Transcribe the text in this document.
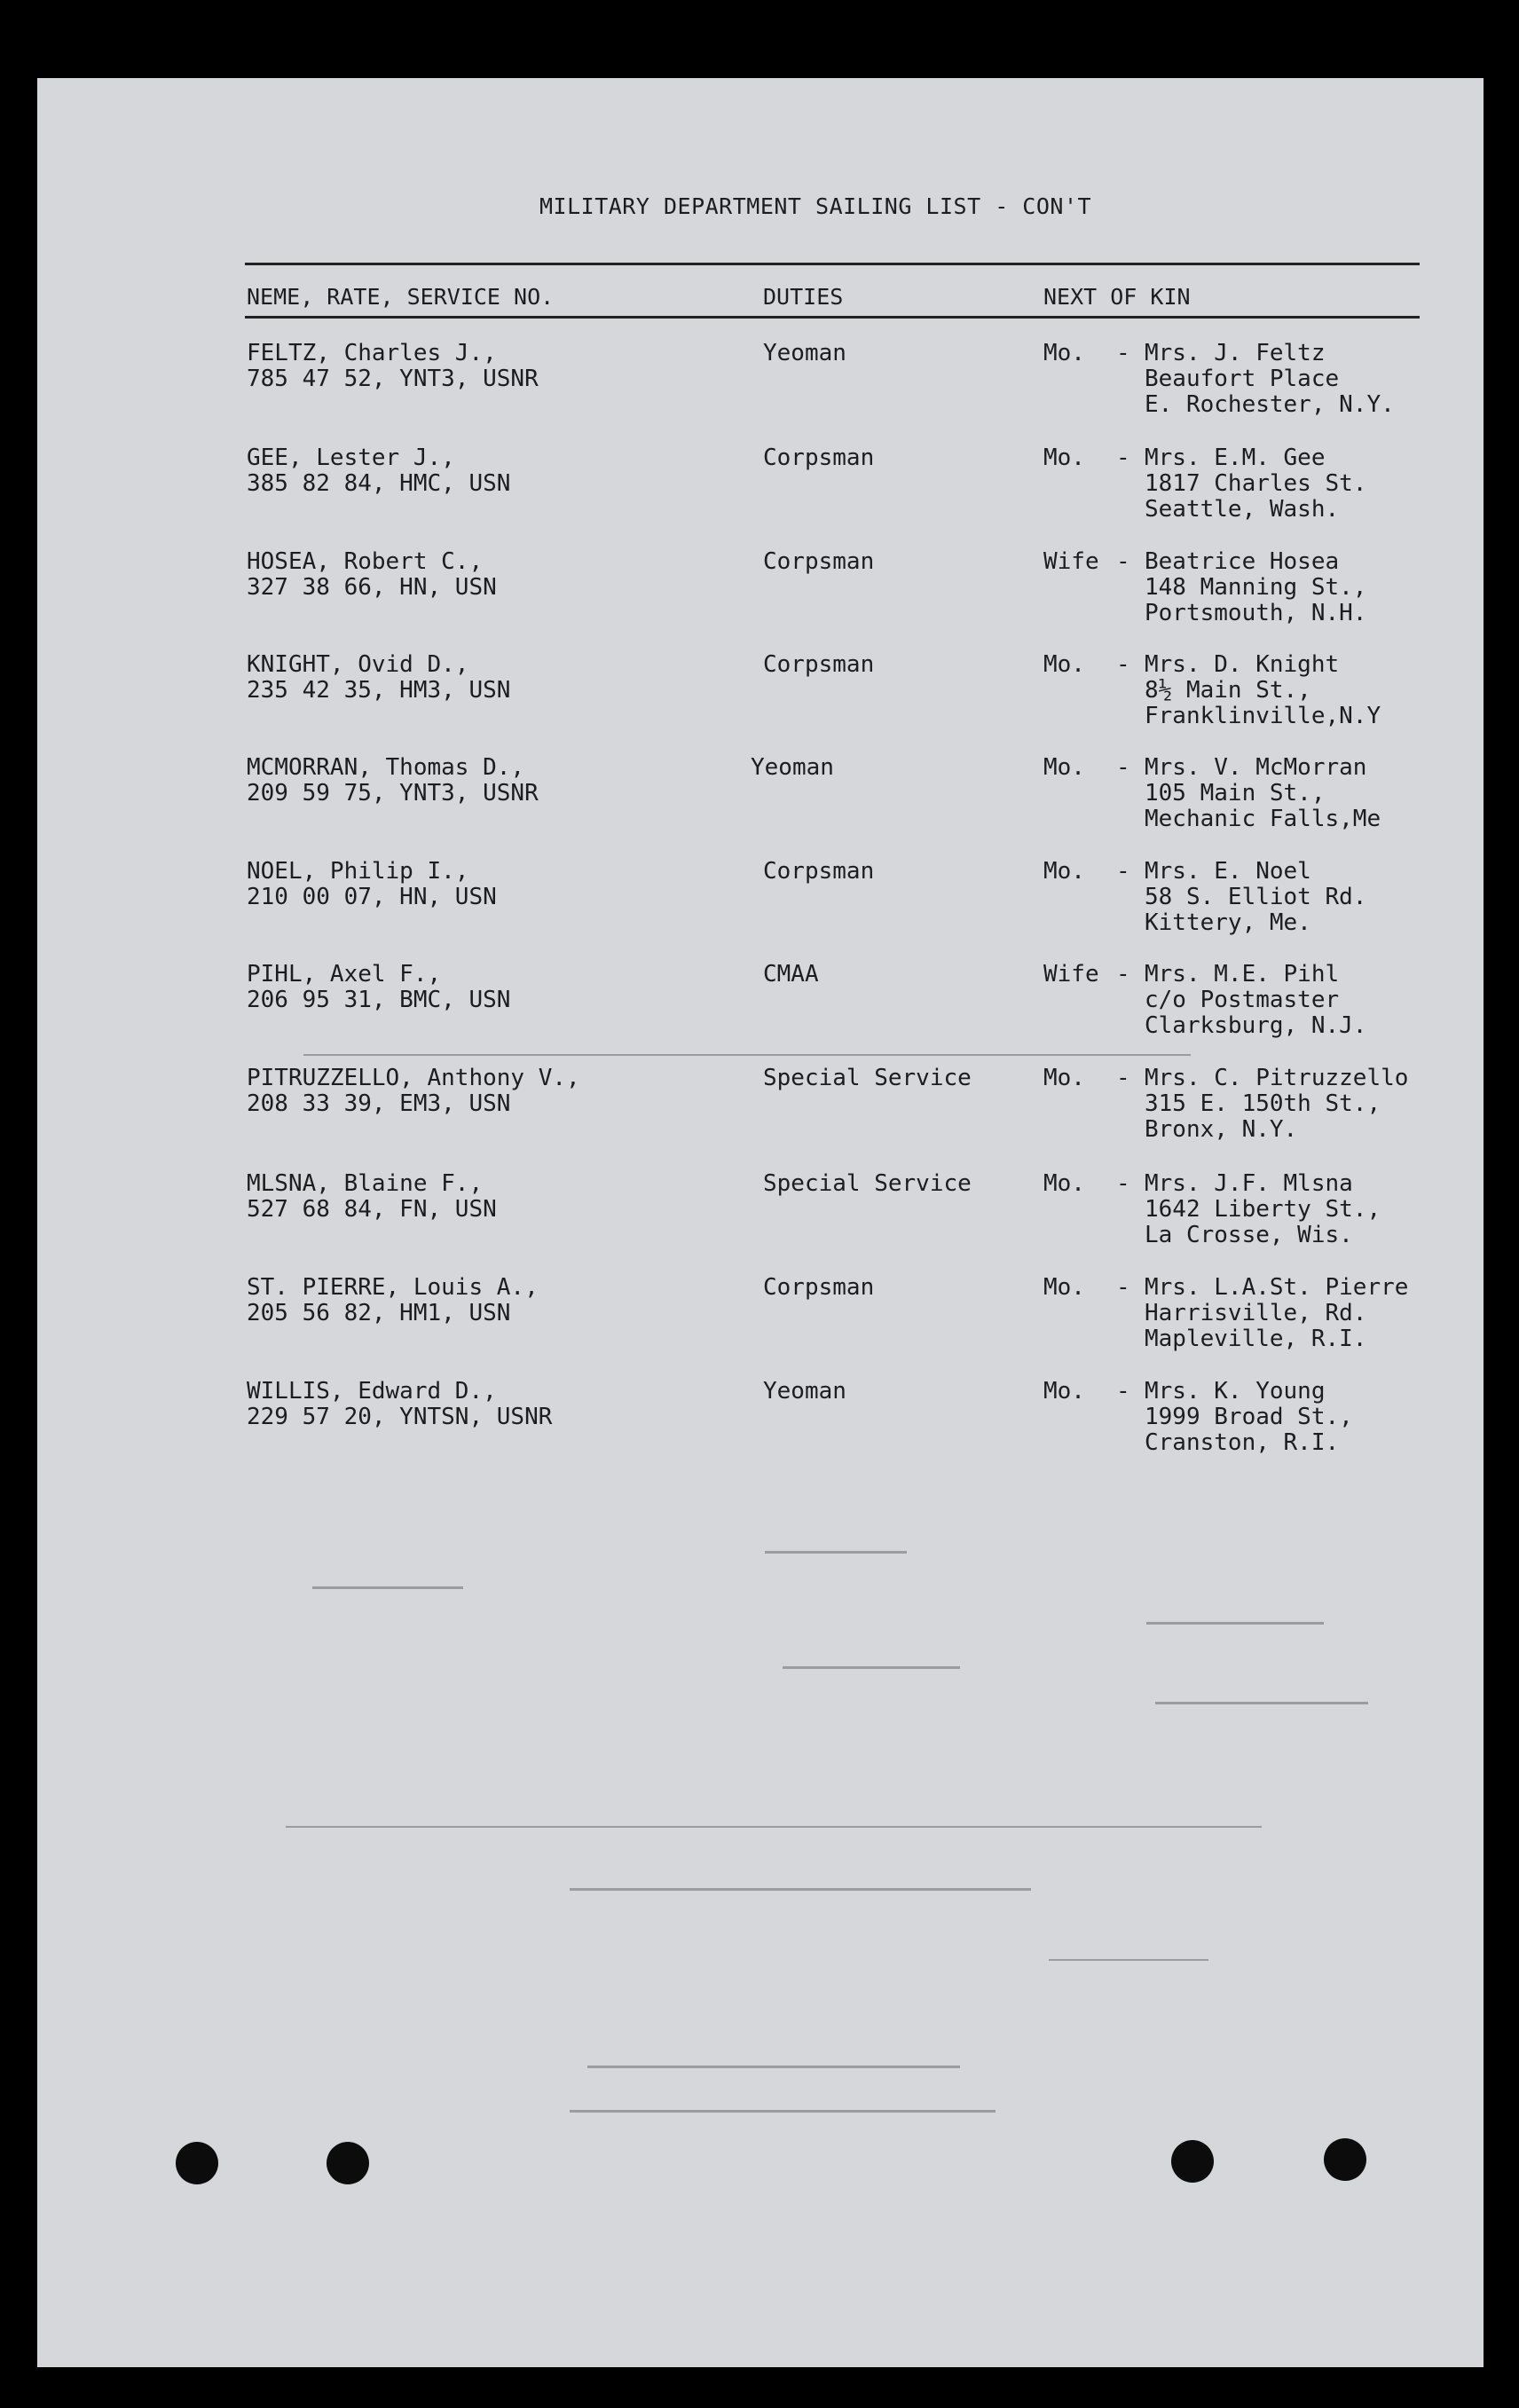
MILITARY DEPARTMENT SAILING LIST - CON'T
NEME, RATE, SERVICE NO.	DUTIES	NEXT OF KIN
FELTZ, Charles J.,
785 47 52, YNT3, USNR
Yeoman	Mo. - Mrs. J. Feltz
Beaufort Place
E. Rochester, N.Y.
GEE, Lester J.,
385 82 84, HMC, USN
Corpsman	Mo. - Mrs. E.M. Gee
1817 Charles St.
Seattle, Wash.
HOSEA, Robert C.,
327 38 66, HN, USN
Corpsman	Wife - Beatrice Hosea
148 Manning St.,
Portsmouth, N.H.
KNIGHT, Ovid D.,
235 42 35, HM3, USN
Corpsman	Mo. - Mrs. D. Knight
8½ Main St.,
Franklinville,N.Y
MCMORRAN, Thomas D.,
209 59 75, YNT3, USNR
Yeoman	Mo. - Mrs. V. McMorran
105 Main St.,
Mechanic Falls,Me
NOEL, Philip I.,
210 00 07, HN, USN
Corpsman	Mo. - Mrs. E. Noel
58 S. Elliot Rd.
Kittery, Me.
PIHL, Axel F.,
206 95 31, BMC, USN
CMAA	Wife - Mrs. M.E. Pihl
c/o Postmaster
Clarksburg, N.J.
PITRUZZELLO, Anthony V.,
208 33 39, EM3, USN
Special Service	Mo. - Mrs. C. Pitruzzello
315 E. 150th St.,
Bronx, N.Y.
MLSNA, Blaine F.,
527 68 84, FN, USN
Special Service	Mo. - Mrs. J.F. Mlsna
1642 Liberty St.,
La Crosse, Wis.
ST. PIERRE, Louis A.,
205 56 82, HM1, USN
Corpsman	Mo. - Mrs. L.A.St. Pierre
Harrisville, Rd.
Mapleville, R.I.
WILLIS, Edward D.,
229 57 20, YNTSN, USNR
Yeoman	Mo. - Mrs. K. Young
1999 Broad St.,
Cranston, R.I.
